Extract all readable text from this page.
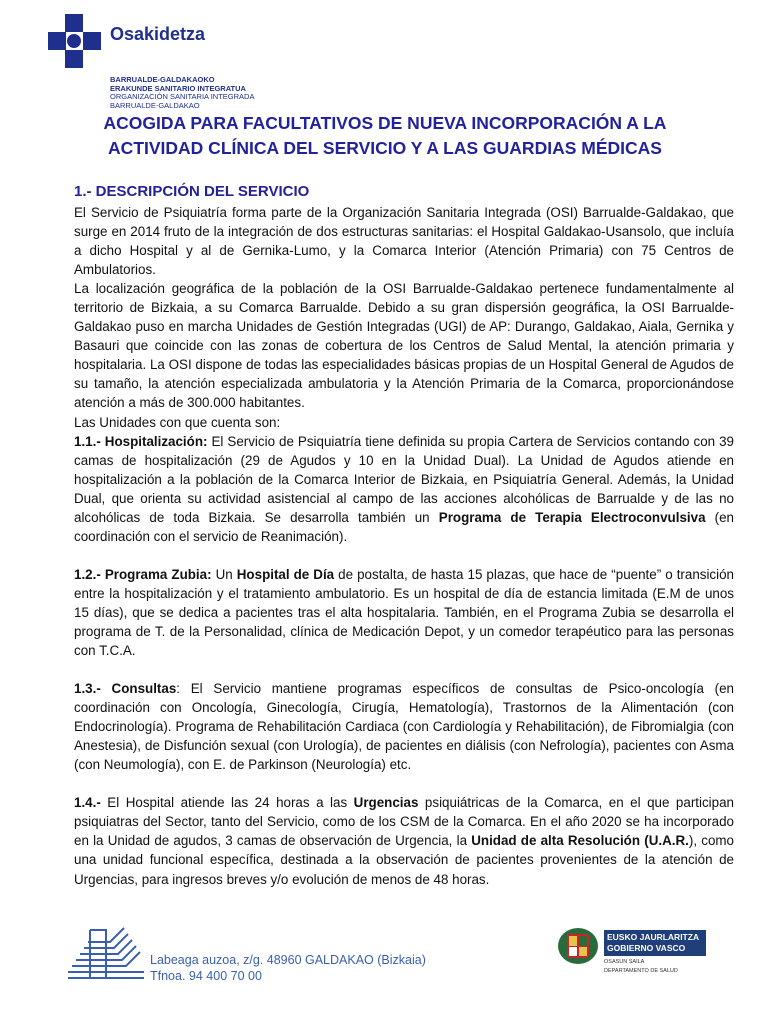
Osakidetza
BARRUALDE-GALDAKAOKO
ERAKUNDE SANITARIO INTEGRATUA
ORGANIZACIÓN SANITARIA INTEGRADA
BARRUALDE-GALDAKAO
ACOGIDA PARA FACULTATIVOS DE NUEVA INCORPORACIÓN A LA
ACTIVIDAD CLÍNICA DEL SERVICIO Y A LAS GUARDIAS MÉDICAS
1.- DESCRIPCIÓN DEL SERVICIO

El Servicio de Psiquiatría forma parte de la Organización Sanitaria Integrada (OSI) Barrualde-Galdakao, que surge en 2014 fruto de la integración de dos estructuras sanitarias: el Hospital Galdakao-Usansolo, que incluía a dicho Hospital y al de Gernika-Lumo, y la Comarca Interior (Atención Primaria) con 75 Centros de Ambulatorios.

La localización geográfica de la población de la OSI Barrualde-Galdakao pertenece fundamentalmente al territorio de Bizkaia, a su Comarca Barrualde. Debido a su gran dispersión geográfica, la OSI Barrualde-Galdakao puso en marcha Unidades de Gestión Integradas (UGI) de AP: Durango, Galdakao, Aiala, Gernika y Basauri que coincide con las zonas de cobertura de los Centros de Salud Mental, la atención primaria y hospitalaria. La OSI dispone de todas las especialidades básicas propias de un Hospital General de Agudos de su tamaño, la atención especializada ambulatoria y la Atención Primaria de la Comarca, proporcionándose atención a más de 300.000 habitantes.

Las Unidades con que cuenta son:

1.1.- Hospitalización: El Servicio de Psiquiatría tiene definida su propia Cartera de Servicios contando con 39 camas de hospitalización (29 de Agudos y 10 en la Unidad Dual). La Unidad de Agudos atiende en hospitalización a la población de la Comarca Interior de Bizkaia, en Psiquiatría General. Además, la Unidad Dual, que orienta su actividad asistencial al campo de las acciones alcohólicas de Barrualde y de las no alcohólicas de toda Bizkaia. Se desarrolla también un Programa de Terapia Electroconvulsiva (en coordinación con el servicio de Reanimación).

1.2.- Programa Zubia: Un Hospital de Día de postalta, de hasta 15 plazas, que hace de “puente” o transición entre la hospitalización y el tratamiento ambulatorio. Es un hospital de día de estancia limitada (E.M de unos 15 días), que se dedica a pacientes tras el alta hospitalaria. También, en el Programa Zubia se desarrolla el programa de T. de la Personalidad, clínica de Medicación Depot, y un comedor terapéutico para las personas con T.C.A.

1.3.- Consultas: El Servicio mantiene programas específicos de consultas de Psico-oncología (en coordinación con Oncología, Ginecología, Cirugía, Hematología), Trastornos de la Alimentación (con Endocrinología). Programa de Rehabilitación Cardiaca (con Cardiología y Rehabilitación), de Fibromialgia (con Anestesia), de Disfunción sexual (con Urología), de pacientes en diálisis (con Nefrología), pacientes con Asma (con Neumología), con E. de Parkinson (Neurología) etc.

1.4.- El Hospital atiende las 24 horas a las Urgencias psiquiátricas de la Comarca, en el que participan psiquiatras del Sector, tanto del Servicio, como de los CSM de la Comarca. En el año 2020 se ha incorporado en la Unidad de agudos, 3 camas de observación de Urgencia, la Unidad de alta Resolución (U.A.R.), como una unidad funcional específica, destinada a la observación de pacientes provenientes de la atención de Urgencias, para ingresos breves y/o evolución de menos de 48 horas.

Labeaga auzoa, z/g. 48960 GALDAKAO (Bizkaia)
Tfnoa. 94 400 70 00
EUSKO JAURLARITZA
GOBIERNO VASCO
OSASUN SAILA
DEPARTAMENTO DE SALUD
